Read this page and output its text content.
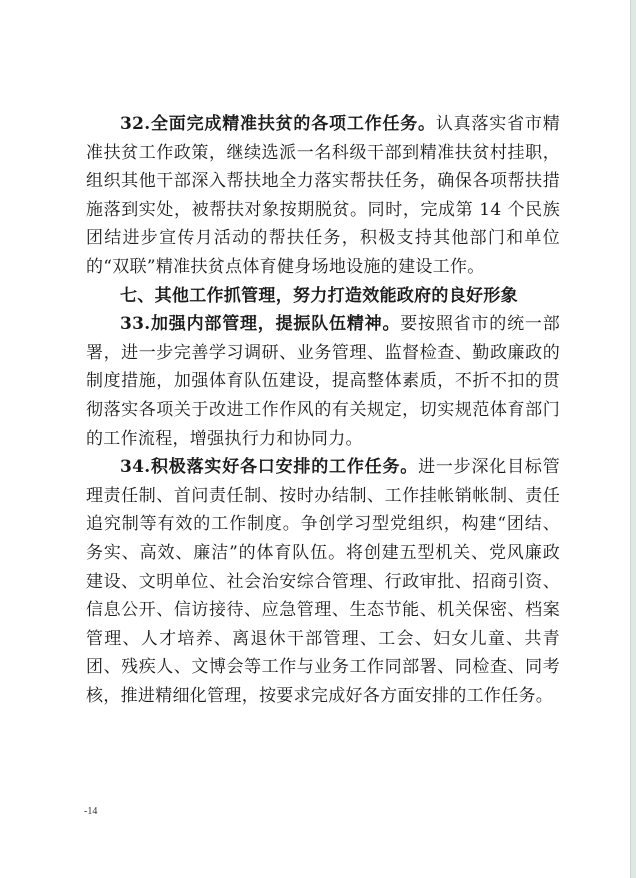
32.全面完成精准扶贫的各项工作任务。认真落实省市精准扶贫工作政策，继续选派一名科级干部到精准扶贫村挂职，组织其他干部深入帮扶地全力落实帮扶任务，确保各项帮扶措施落到实处，被帮扶对象按期脱贫。同时，完成第 14 个民族团结进步宣传月活动的帮扶任务，积极支持其他部门和单位的“双联”精准扶贫点体育健身场地设施的建设工作。

七、其他工作抓管理，努力打造效能政府的良好形象

33.加强内部管理，提振队伍精神。要按照省市的统一部署，进一步完善学习调研、业务管理、监督检查、勤政廉政的制度措施，加强体育队伍建设，提高整体素质，不折不扣的贯彻落实各项关于改进工作作风的有关规定，切实规范体育部门的工作流程，增强执行力和协同力。

34.积极落实好各口安排的工作任务。进一步深化目标管理责任制、首问责任制、按时办结制、工作挂帐销帐制、责任追究制等有效的工作制度。争创学习型党组织，构建“团结、务实、高效、廉洁”的体育队伍。将创建五型机关、党风廉政建设、文明单位、社会治安综合管理、行政审批、招商引资、信息公开、信访接待、应急管理、生态节能、机关保密、档案管理、人才培养、离退休干部管理、工会、妇女儿童、共青团、残疾人、文博会等工作与业务工作同部署、同检查、同考核，推进精细化管理，按要求完成好各方面安排的工作任务。

-14
